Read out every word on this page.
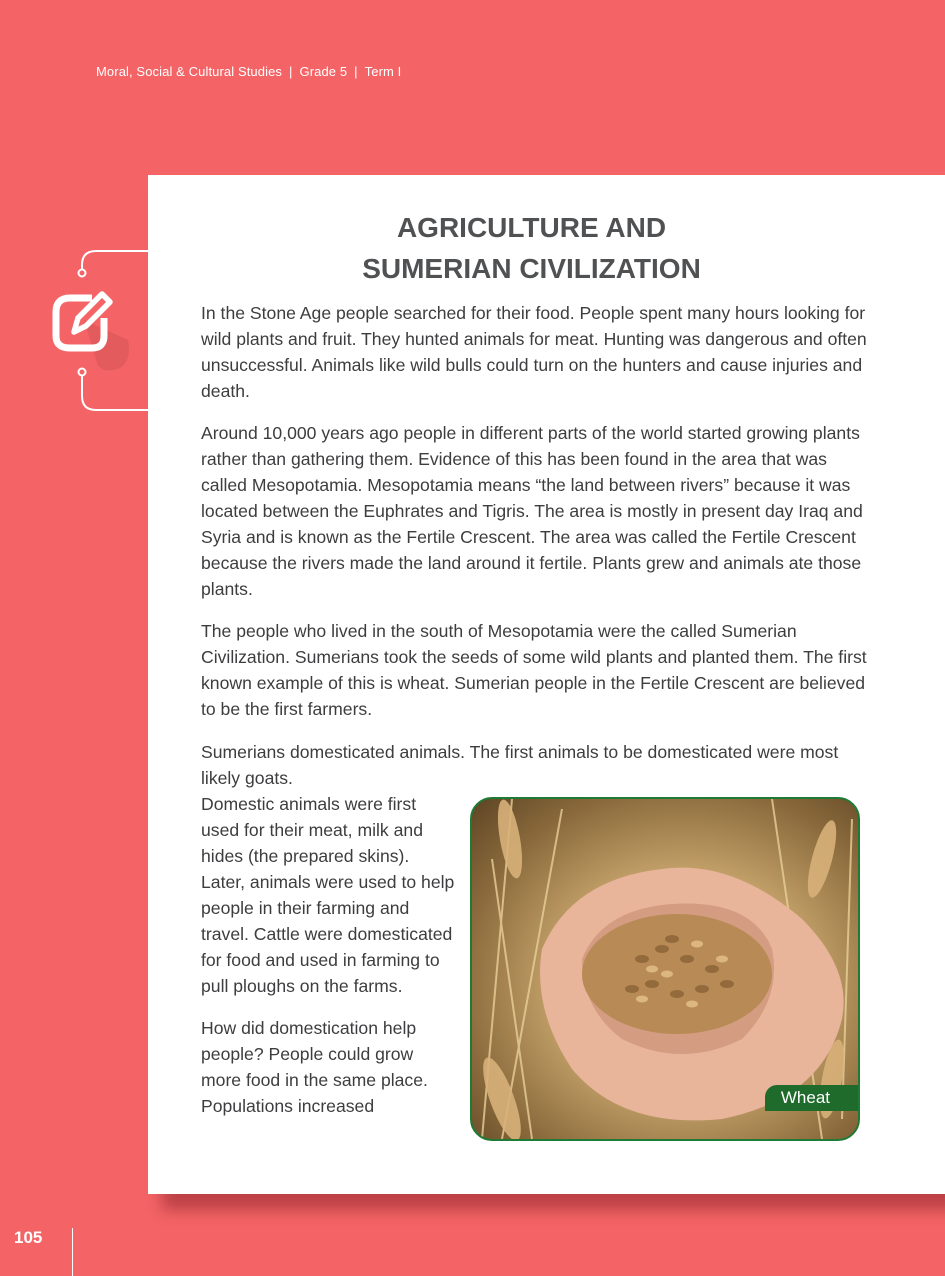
Moral, Social & Cultural Studies | Grade 5 | Term I
AGRICULTURE AND
SUMERIAN CIVILIZATION

In the Stone Age people searched for their food. People spent many hours looking for wild plants and fruit. They hunted animals for meat. Hunting was dangerous and often unsuccessful. Animals like wild bulls could turn on the hunters and cause injuries and death.

Around 10,000 years ago people in different parts of the world started growing plants rather than gathering them. Evidence of this has been found in the area that was called Mesopotamia. Mesopotamia means “the land between rivers” because it was located between the Euphrates and Tigris. The area is mostly in present day Iraq and Syria and is known as the Fertile Crescent. The area was called the Fertile Crescent because the rivers made the land around it fertile. Plants grew and animals ate those plants.

The people who lived in the south of Mesopotamia were the called Sumerian Civilization. Sumerians took the seeds of some wild plants and planted them. The first known example of this is wheat. Sumerian people in the Fertile Crescent are believed to be the first farmers.

Sumerians domesticated animals. The first animals to be domesticated were most likely goats.

Domestic animals were first used for their meat, milk and hides (the prepared skins). Later, animals were used to help people in their farming and travel. Cattle were domesticated for food and used in farming to pull ploughs on the farms.

How did domestication help people? People could grow more food in the same place. Populations increased	Wheat
105
